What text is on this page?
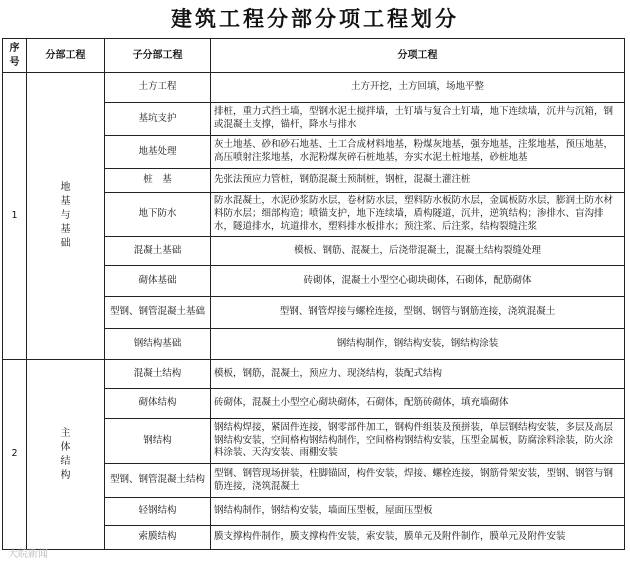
建筑工程分部分项工程划分
序号	分部工程	子分部工程	分项工程
1	地基与基础	土方工程	土方开挖，土方回填，场地平整
		基坑支护	排桩，重力式挡土墙，型钢水泥土搅拌墙，土钉墙与复合土钉墙，地下连续墙，沉井与沉箱，钢或混凝土支撑，锚杆，降水与排水
		地基处理	灰土地基、砂和砂石地基、土工合成材料地基，粉煤灰地基，强夯地基，注浆地基，预压地基，高压喷射注浆地基，水泥粉煤灰碎石桩地基，夯实水泥土桩地基，砂桩地基
		桩　基	先张法预应力管桩，钢筋混凝土预制桩，钢桩，混凝土灌注桩
		地下防水	防水混凝土，水泥砂浆防水层，卷材防水层，塑料防水板防水层，金属板防水层，膨润土防水材料防水层；细部构造；喷锚支护，地下连续墙，盾构隧道，沉井，逆筑结构；渗排水、盲沟排水，隧道排水，坑道排水，塑料排水板排水；预注浆、后注浆，结构裂缝注浆
		混凝土基础	模板、钢筋、混凝土，后浇带混凝土，混凝土结构裂缝处理
		砌体基础	砖砌体，混凝土小型空心砌块砌体，石砌体，配筋砌体
		型钢、钢管混凝土基础	型钢、钢管焊接与螺栓连接，型钢、钢管与钢筋连接，浇筑混凝土
		钢结构基础	钢结构制作，钢结构安装，钢结构涂装
2	主体结构	混凝土结构	模板，钢筋，混凝土，预应力、现浇结构，装配式结构
		砌体结构	砖砌体，混凝土小型空心砌块砌体，石砌体，配筋砖砌体，填充墙砌体
		钢结构	钢结构焊接，紧固件连接，钢零部件加工，钢构件组装及预拼装，单层钢结构安装，多层及高层钢结构安装，空间格构钢结构制作，空间格构钢结构安装，压型金属板，防腐涂料涂装，防火涂料涂装、天沟安装、雨棚安装
		型钢、钢管混凝土结构	型钢、钢管现场拼装，柱脚锚固，构件安装，焊接、螺栓连接，钢筋骨架安装，型钢、钢管与钢筋连接，浇筑混凝土
		轻钢结构	钢结构制作，钢结构安装，墙面压型板，屋面压型板
		索膜结构	膜支撑构件制作，膜支撑构件安装，索安装，膜单元及附件制作，膜单元及附件安装
大皖新闻
